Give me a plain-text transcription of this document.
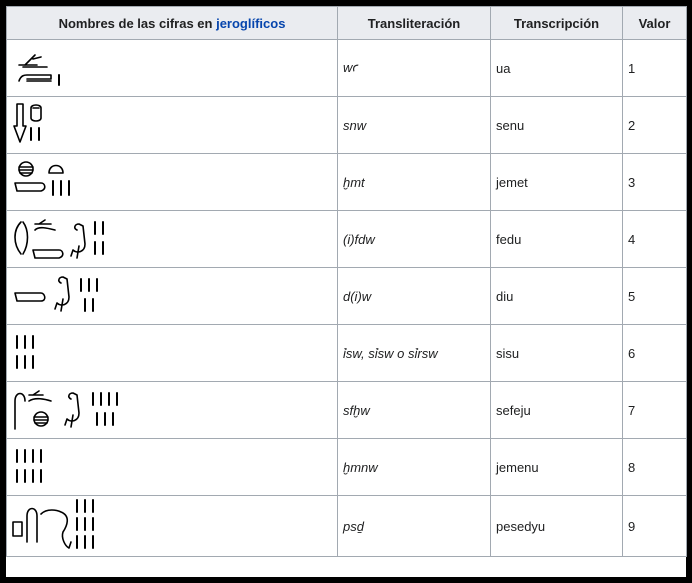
Nombres de las cifras en jeroglíficos	Transliteración	Transcripción	Valor

	wꜥ	ua	1

	snw	senu	2

	ḫmt	jemet	3

	(i)fdw	fedu	4

	d(i)w	diu	5

	ỉsw, sỉsw o sỉrsw	sisu	6

	sfḫw	sefeju	7

	ḫmnw	jemenu	8

	psḏ	pesedyu	9
